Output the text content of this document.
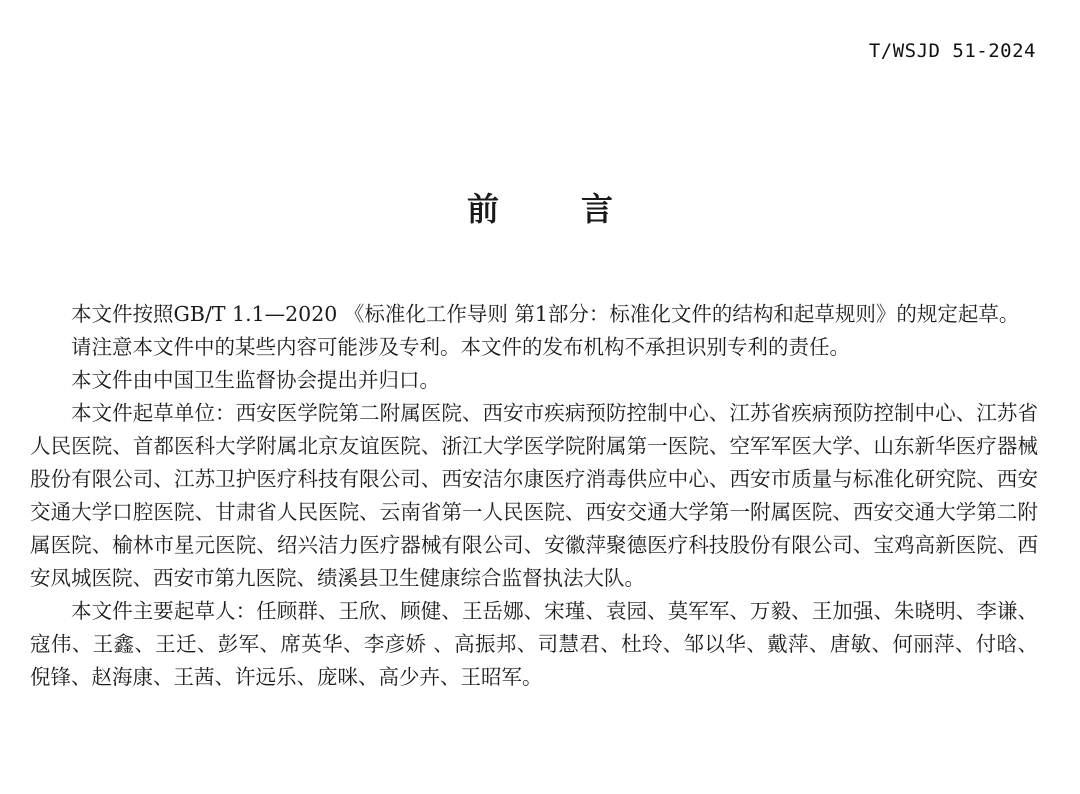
T/WSJD 51-2024
前	言

本文件按照GB/T 1.1—2020 《标准化工作导则 第1部分：标准化文件的结构和起草规则》的规定起草。

请注意本文件中的某些内容可能涉及专利。本文件的发布机构不承担识别专利的责任。

本文件由中国卫生监督协会提出并归口。

本文件起草单位：西安医学院第二附属医院、西安市疾病预防控制中心、江苏省疾病预防控制中心、江苏省人民医院、首都医科大学附属北京友谊医院、浙江大学医学院附属第一医院、空军军医大学、山东新华医疗器械股份有限公司、江苏卫护医疗科技有限公司、西安洁尔康医疗消毒供应中心、西安市质量与标准化研究院、西安交通大学口腔医院、甘肃省人民医院、云南省第一人民医院、西安交通大学第一附属医院、西安交通大学第二附属医院、榆林市星元医院、绍兴洁力医疗器械有限公司、安徽萍聚德医疗科技股份有限公司、宝鸡高新医院、西安凤城医院、西安市第九医院、绩溪县卫生健康综合监督执法大队。

本文件主要起草人：任顾群、王欣、顾健、王岳娜、宋瑾、袁园、莫军军、万毅、王加强、朱晓明、李谦、寇伟、王鑫、王迁、彭军、席英华、李彦娇 、高振邦、司慧君、杜玲、邹以华、戴萍、唐敏、何丽萍、付晗、倪锋、赵海康、王茜、许远乐、庞咪、高少卉、王昭军。
